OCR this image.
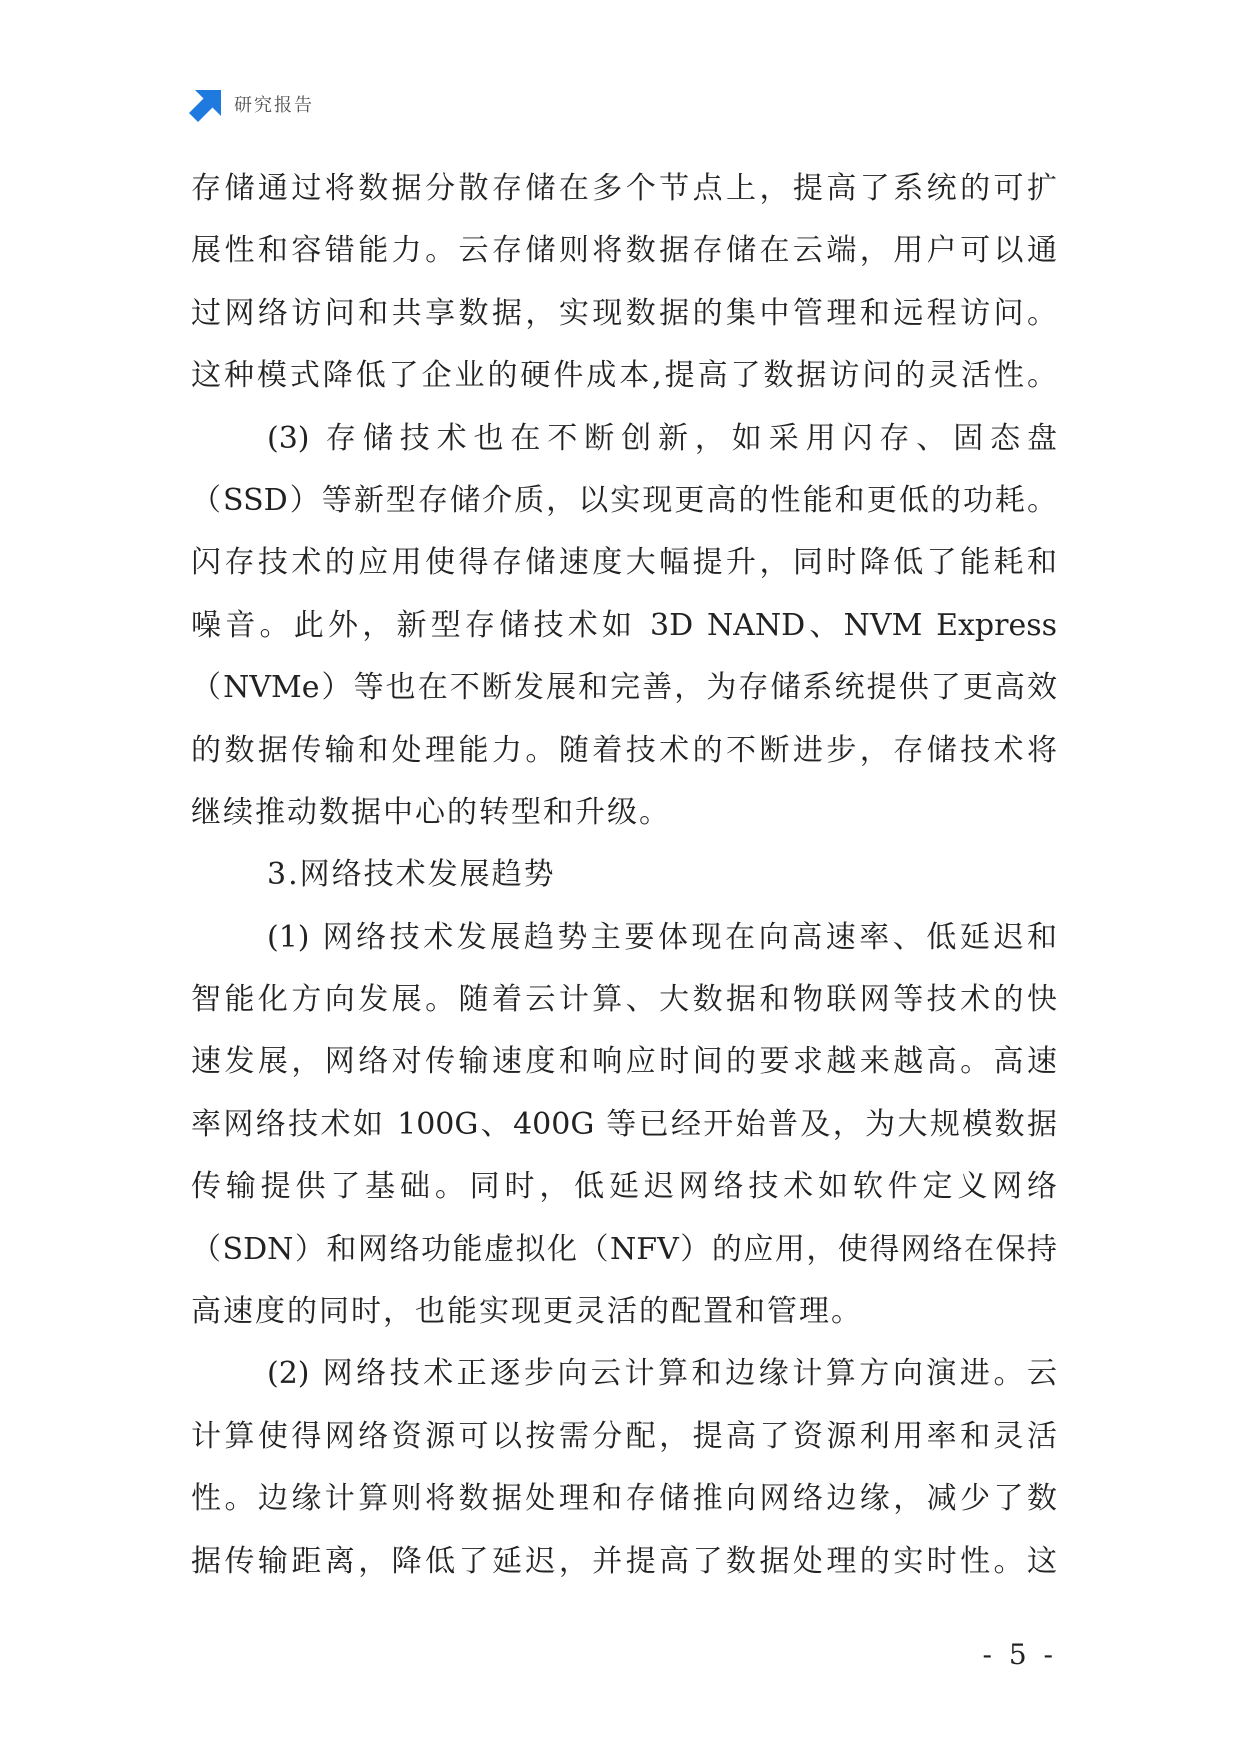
研究报告
存储通过将数据分散存储在多个节点上，提高了系统的可扩
展性和容错能力。云存储则将数据存储在云端，用户可以通
过网络访问和共享数据，实现数据的集中管理和远程访问。
这种模式降低了企业的硬件成本,提高了数据访问的灵活性。
(3) 存储技术也在不断创新，如采用闪存、固态盘
（SSD）等新型存储介质，以实现更高的性能和更低的功耗。
闪存技术的应用使得存储速度大幅提升，同时降低了能耗和
噪音。此外，新型存储技术如 3D NAND、NVM Express
（NVMe）等也在不断发展和完善，为存储系统提供了更高效
的数据传输和处理能力。随着技术的不断进步，存储技术将
继续推动数据中心的转型和升级。
3.网络技术发展趋势
(1) 网络技术发展趋势主要体现在向高速率、低延迟和
智能化方向发展。随着云计算、大数据和物联网等技术的快
速发展，网络对传输速度和响应时间的要求越来越高。高速
率网络技术如 100G、400G 等已经开始普及，为大规模数据
传输提供了基础。同时，低延迟网络技术如软件定义网络
（SDN）和网络功能虚拟化（NFV）的应用，使得网络在保持
高速度的同时，也能实现更灵活的配置和管理。
(2) 网络技术正逐步向云计算和边缘计算方向演进。云
计算使得网络资源可以按需分配，提高了资源利用率和灵活
性。边缘计算则将数据处理和存储推向网络边缘，减少了数
据传输距离，降低了延迟，并提高了数据处理的实时性。这
- 5 -
